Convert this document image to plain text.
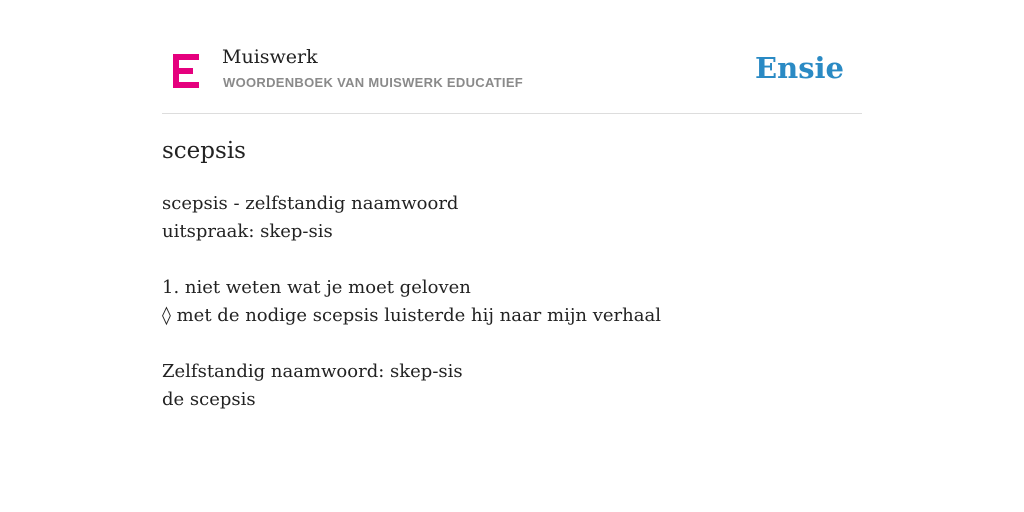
Muiswerk
WOORDENBOEK VAN MUISWERK EDUCATIEF	Ensie
scepsis
scepsis - zelfstandig naamwoord
uitspraak: skep-sis
1. niet weten wat je moet geloven
◊ met de nodige scepsis luisterde hij naar mijn verhaal
Zelfstandig naamwoord: skep-sis
de scepsis
